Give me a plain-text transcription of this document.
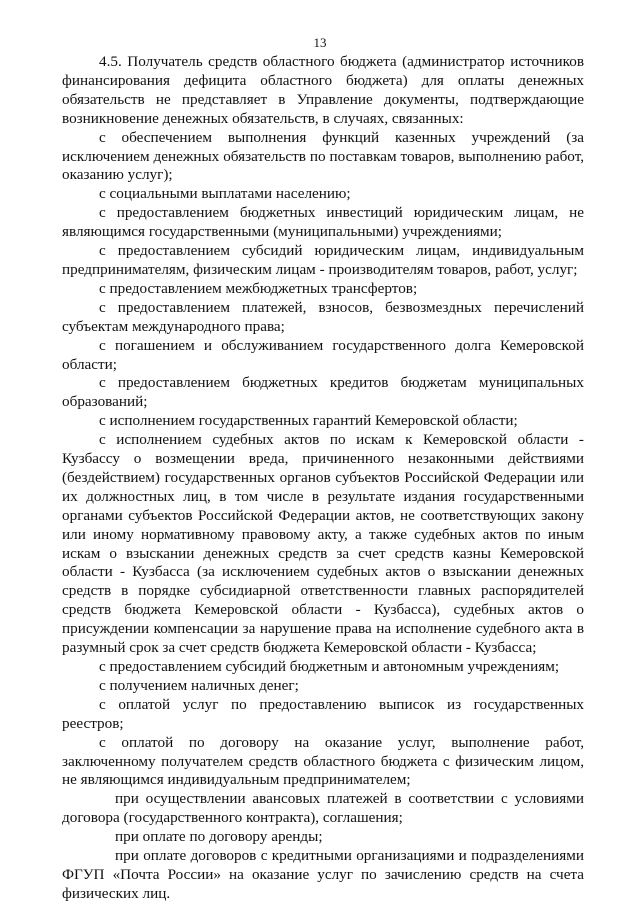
13

4.5. Получатель средств областного бюджета (администратор источников финансирования дефицита областного бюджета) для оплаты денежных обязательств не представляет в Управление документы, подтверждающие возникновение денежных обязательств, в случаях, связанных:

с обеспечением выполнения функций казенных учреждений (за исключением денежных обязательств по поставкам товаров, выполнению работ, оказанию услуг);

с социальными выплатами населению;

с предоставлением бюджетных инвестиций юридическим лицам, не являющимся государственными (муниципальными) учреждениями;

с предоставлением субсидий юридическим лицам, индивидуальным предпринимателям, физическим лицам - производителям товаров, работ, услуг;

с предоставлением межбюджетных трансфертов;

с предоставлением платежей, взносов, безвозмездных перечислений субъектам международного права;

с погашением и обслуживанием государственного долга Кемеровской области;

с предоставлением бюджетных кредитов бюджетам муниципальных образований;

с исполнением государственных гарантий Кемеровской области;

с исполнением судебных актов по искам к Кемеровской области - Кузбассу о возмещении вреда, причиненного незаконными действиями (бездействием) государственных органов субъектов Российской Федерации или их должностных лиц, в том числе в результате издания государственными органами субъектов Российской Федерации актов, не соответствующих закону или иному нормативному правовому акту, а также судебных актов по иным искам о взыскании денежных средств за счет средств казны Кемеровской области - Кузбасса (за исключением судебных актов о взыскании денежных средств в порядке субсидиарной ответственности главных распорядителей средств бюджета Кемеровской области - Кузбасса), судебных актов о присуждении компенсации за нарушение права на исполнение судебного акта в разумный срок за счет средств бюджета Кемеровской области - Кузбасса;

с предоставлением субсидий бюджетным и автономным учреждениям;

с получением наличных денег;

с оплатой услуг по предоставлению выписок из государственных реестров;

с оплатой по договору на оказание услуг, выполнение работ, заключенному получателем средств областного бюджета с физическим лицом, не являющимся индивидуальным предпринимателем;

при осуществлении авансовых платежей в соответствии с условиями договора (государственного контракта), соглашения;

при оплате по договору аренды;

при оплате договоров с кредитными организациями и подразделениями ФГУП «Почта России» на оказание услуг по зачислению средств на счета физических лиц.
